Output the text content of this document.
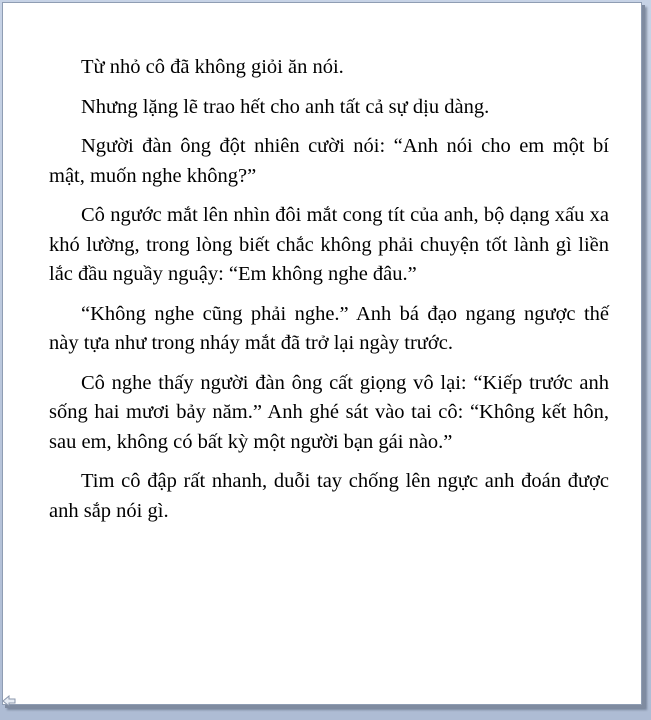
Từ nhỏ cô đã không giỏi ăn nói.

Nhưng lặng lẽ trao hết cho anh tất cả sự dịu dàng.

Người đàn ông đột nhiên cười nói: “Anh nói cho em một bí mật, muốn nghe không?”

Cô ngước mắt lên nhìn đôi mắt cong tít của anh, bộ dạng xấu xa khó lường, trong lòng biết chắc không phải chuyện tốt lành gì liền lắc đầu nguầy nguậy: “Em không nghe đâu.”

“Không nghe cũng phải nghe.” Anh bá đạo ngang ngược thế này tựa như trong nháy mắt đã trở lại ngày trước.

Cô nghe thấy người đàn ông cất giọng vô lại: “Kiếp trước anh sống hai mươi bảy năm.” Anh ghé sát vào tai cô: “Không kết hôn, sau em, không có bất kỳ một người bạn gái nào.”

Tim cô đập rất nhanh, duỗi tay chống lên ngực anh đoán được anh sắp nói gì.
